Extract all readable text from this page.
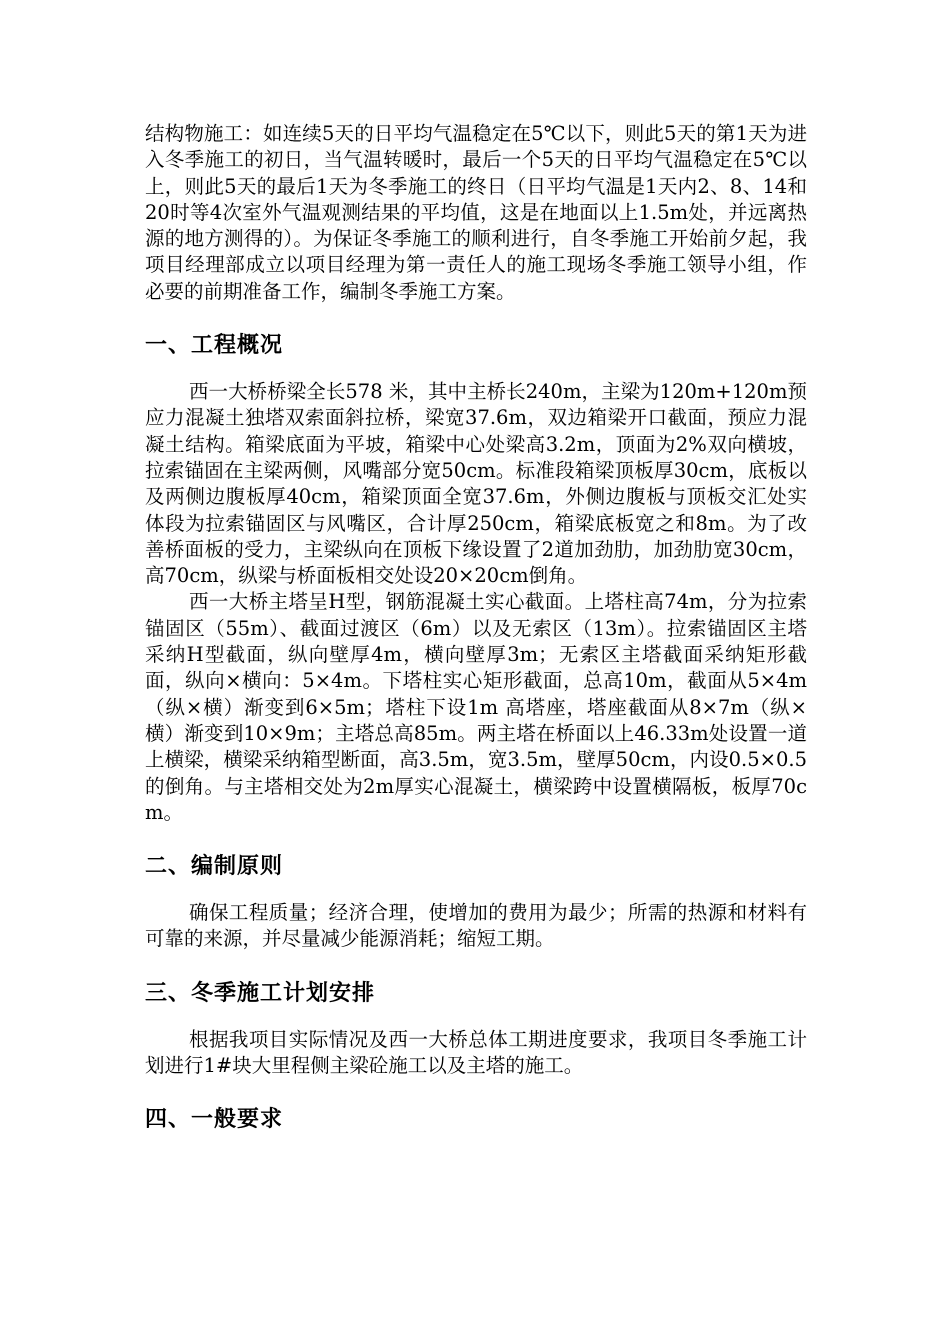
结构物施工：如连续5天的日平均气温稳定在5℃以下，则此5天的第1天为进入冬季施工的初日，当气温转暖时，最后一个5天的日平均气温稳定在5℃以上，则此5天的最后1天为冬季施工的终日（日平均气温是1天内2、8、14和20时等4次室外气温观测结果的平均值，这是在地面以上1.5m处，并远离热源的地方测得的）。为保证冬季施工的顺利进行，自冬季施工开始前夕起，我项目经理部成立以项目经理为第一责任人的施工现场冬季施工领导小组，作必要的前期准备工作，编制冬季施工方案。

一、工程概况

西一大桥桥梁全长578 米，其中主桥长240m，主梁为120m+120m预应力混凝土独塔双索面斜拉桥，梁宽37.6m，双边箱梁开口截面，预应力混凝土结构。箱梁底面为平坡，箱梁中心处梁高3.2m，顶面为2%双向横坡，拉索锚固在主梁两侧，风嘴部分宽50cm。标准段箱梁顶板厚30cm，底板以及两侧边腹板厚40cm，箱梁顶面全宽37.6m，外侧边腹板与顶板交汇处实体段为拉索锚固区与风嘴区，合计厚250cm，箱梁底板宽之和8m。为了改善桥面板的受力，主梁纵向在顶板下缘设置了2道加劲肋，加劲肋宽30cm，高70cm，纵梁与桥面板相交处设20×20cm倒角。

西一大桥主塔呈H型，钢筋混凝土实心截面。上塔柱高74m，分为拉索锚固区（55m）、截面过渡区（6m）以及无索区（13m）。拉索锚固区主塔采纳H型截面，纵向壁厚4m，横向壁厚3m；无索区主塔截面采纳矩形截面，纵向×横向：5×4m。下塔柱实心矩形截面，总高10m，截面从5×4m（纵×横）渐变到6×5m；塔柱下设1m 高塔座，塔座截面从8×7m（纵×横）渐变到10×9m；主塔总高85m。两主塔在桥面以上46.33m处设置一道上横梁，横梁采纳箱型断面，高3.5m，宽3.5m，壁厚50cm，内设0.5×0.5的倒角。与主塔相交处为2m厚实心混凝土，横梁跨中设置横隔板，板厚70cm。

二、编制原则

确保工程质量；经济合理，使增加的费用为最少；所需的热源和材料有可靠的来源，并尽量减少能源消耗；缩短工期。

三、冬季施工计划安排

根据我项目实际情况及西一大桥总体工期进度要求，我项目冬季施工计划进行1#块大里程侧主梁砼施工以及主塔的施工。

四、一般要求
